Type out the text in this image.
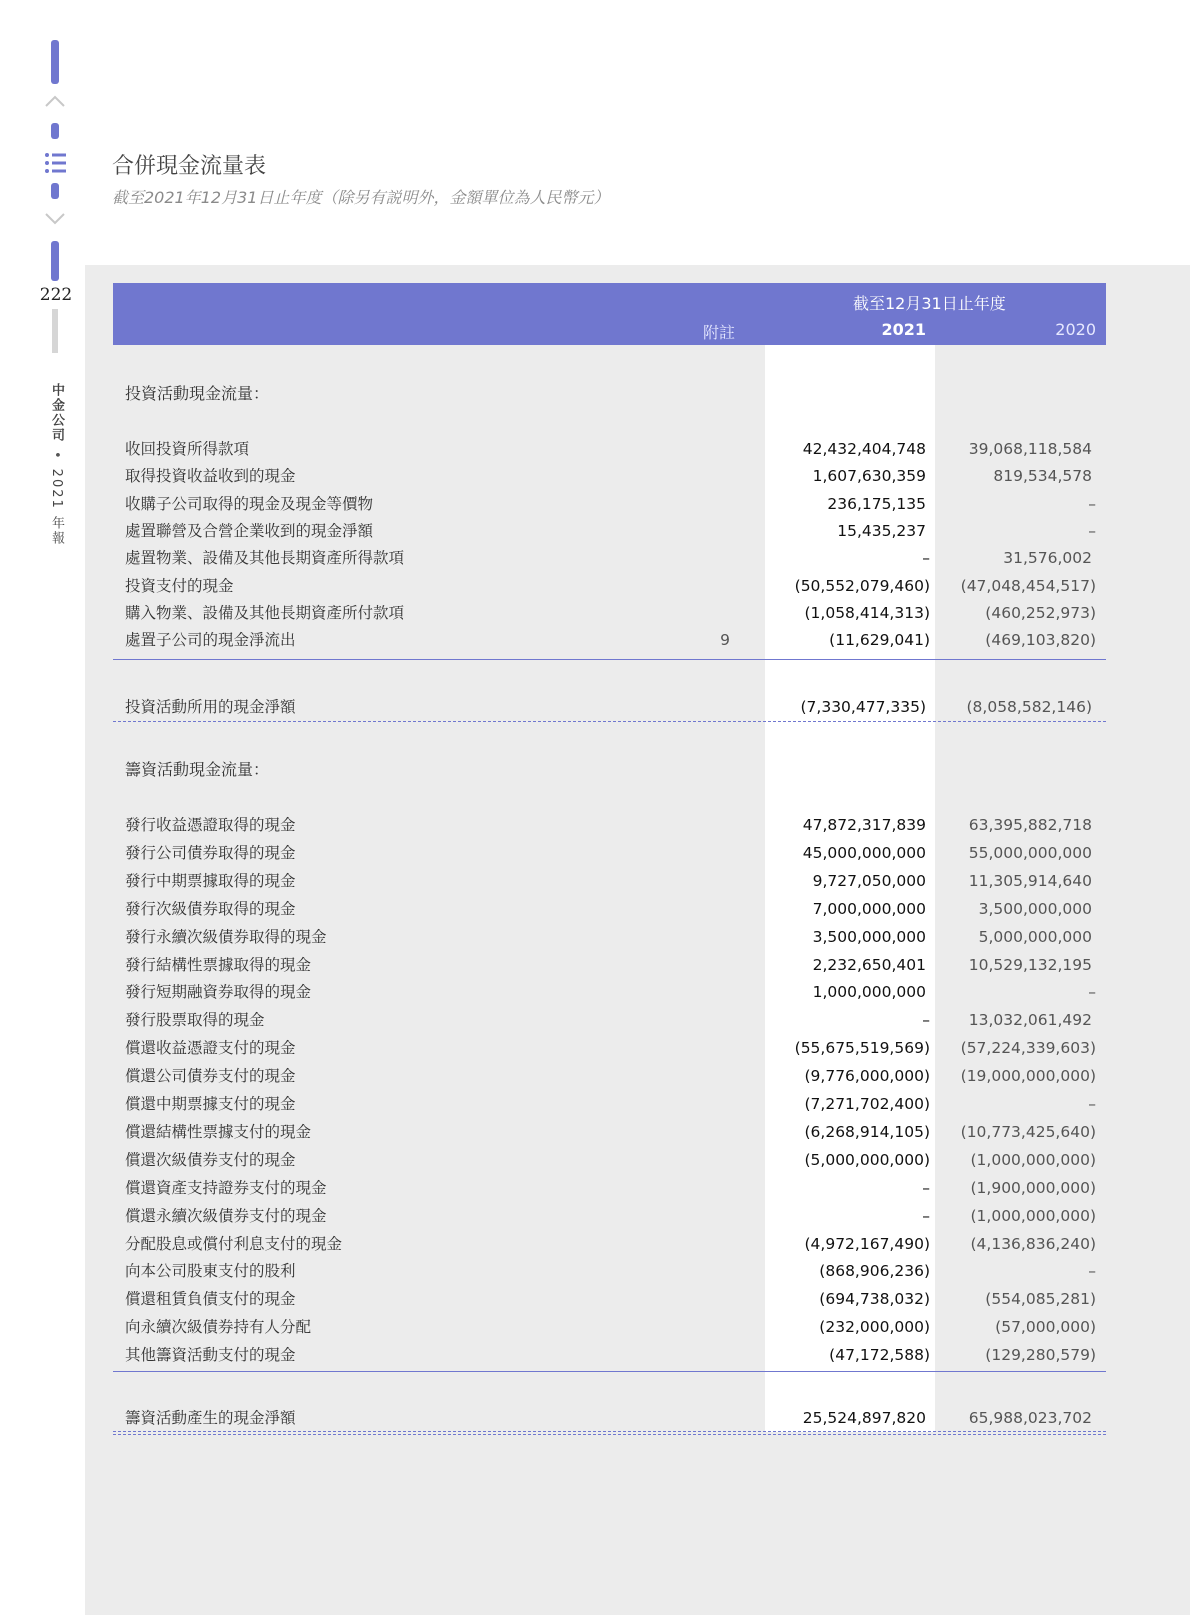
222
中金公司•2021 年報
合併現金流量表
截至2021年12月31日止年度（除另有説明外，金額單位為人民幣元）
截至12月31日止年度
附註	2021	2020
投資活動現金流量：
收回投資所得款項	42,432,404,748	39,068,118,584
取得投資收益收到的現金	1,607,630,359	819,534,578
收購子公司取得的現金及現金等價物	236,175,135	–
處置聯營及合營企業收到的現金淨額	15,435,237	–
處置物業、設備及其他長期資產所得款項	–	31,576,002
投資支付的現金	(50,552,079,460) (47,048,454,517)
購入物業、設備及其他長期資產所付款項	(1,058,414,313)	(460,252,973)
處置子公司的現金淨流出	9	(11,629,041)	(469,103,820)
投資活動所用的現金淨額	(7,330,477,335)	(8,058,582,146)
籌資活動現金流量：
發行收益憑證取得的現金	47,872,317,839	63,395,882,718
發行公司債券取得的現金	45,000,000,000	55,000,000,000
發行中期票據取得的現金	9,727,050,000	11,305,914,640
發行次級債券取得的現金	7,000,000,000	3,500,000,000
發行永續次級債券取得的現金	3,500,000,000	5,000,000,000
發行結構性票據取得的現金	2,232,650,401	10,529,132,195
發行短期融資券取得的現金	1,000,000,000	–
發行股票取得的現金	– 13,032,061,492
償還收益憑證支付的現金	(55,675,519,569) (57,224,339,603)
償還公司債券支付的現金	(9,776,000,000) (19,000,000,000)
償還中期票據支付的現金	(7,271,702,400)	–
償還結構性票據支付的現金	(6,268,914,105) (10,773,425,640)
償還次級債券支付的現金	(5,000,000,000)	(1,000,000,000)
償還資產支持證券支付的現金	–	(1,900,000,000)
償還永續次級債券支付的現金	–	(1,000,000,000)
分配股息或償付利息支付的現金	(4,972,167,490)	(4,136,836,240)
向本公司股東支付的股利	(868,906,236)	–
償還租賃負債支付的現金	(694,738,032)	(554,085,281)
向永續次級債券持有人分配	(232,000,000)	(57,000,000)
其他籌資活動支付的現金	(47,172,588)	(129,280,579)
籌資活動產生的現金淨額	25,524,897,820	65,988,023,702
